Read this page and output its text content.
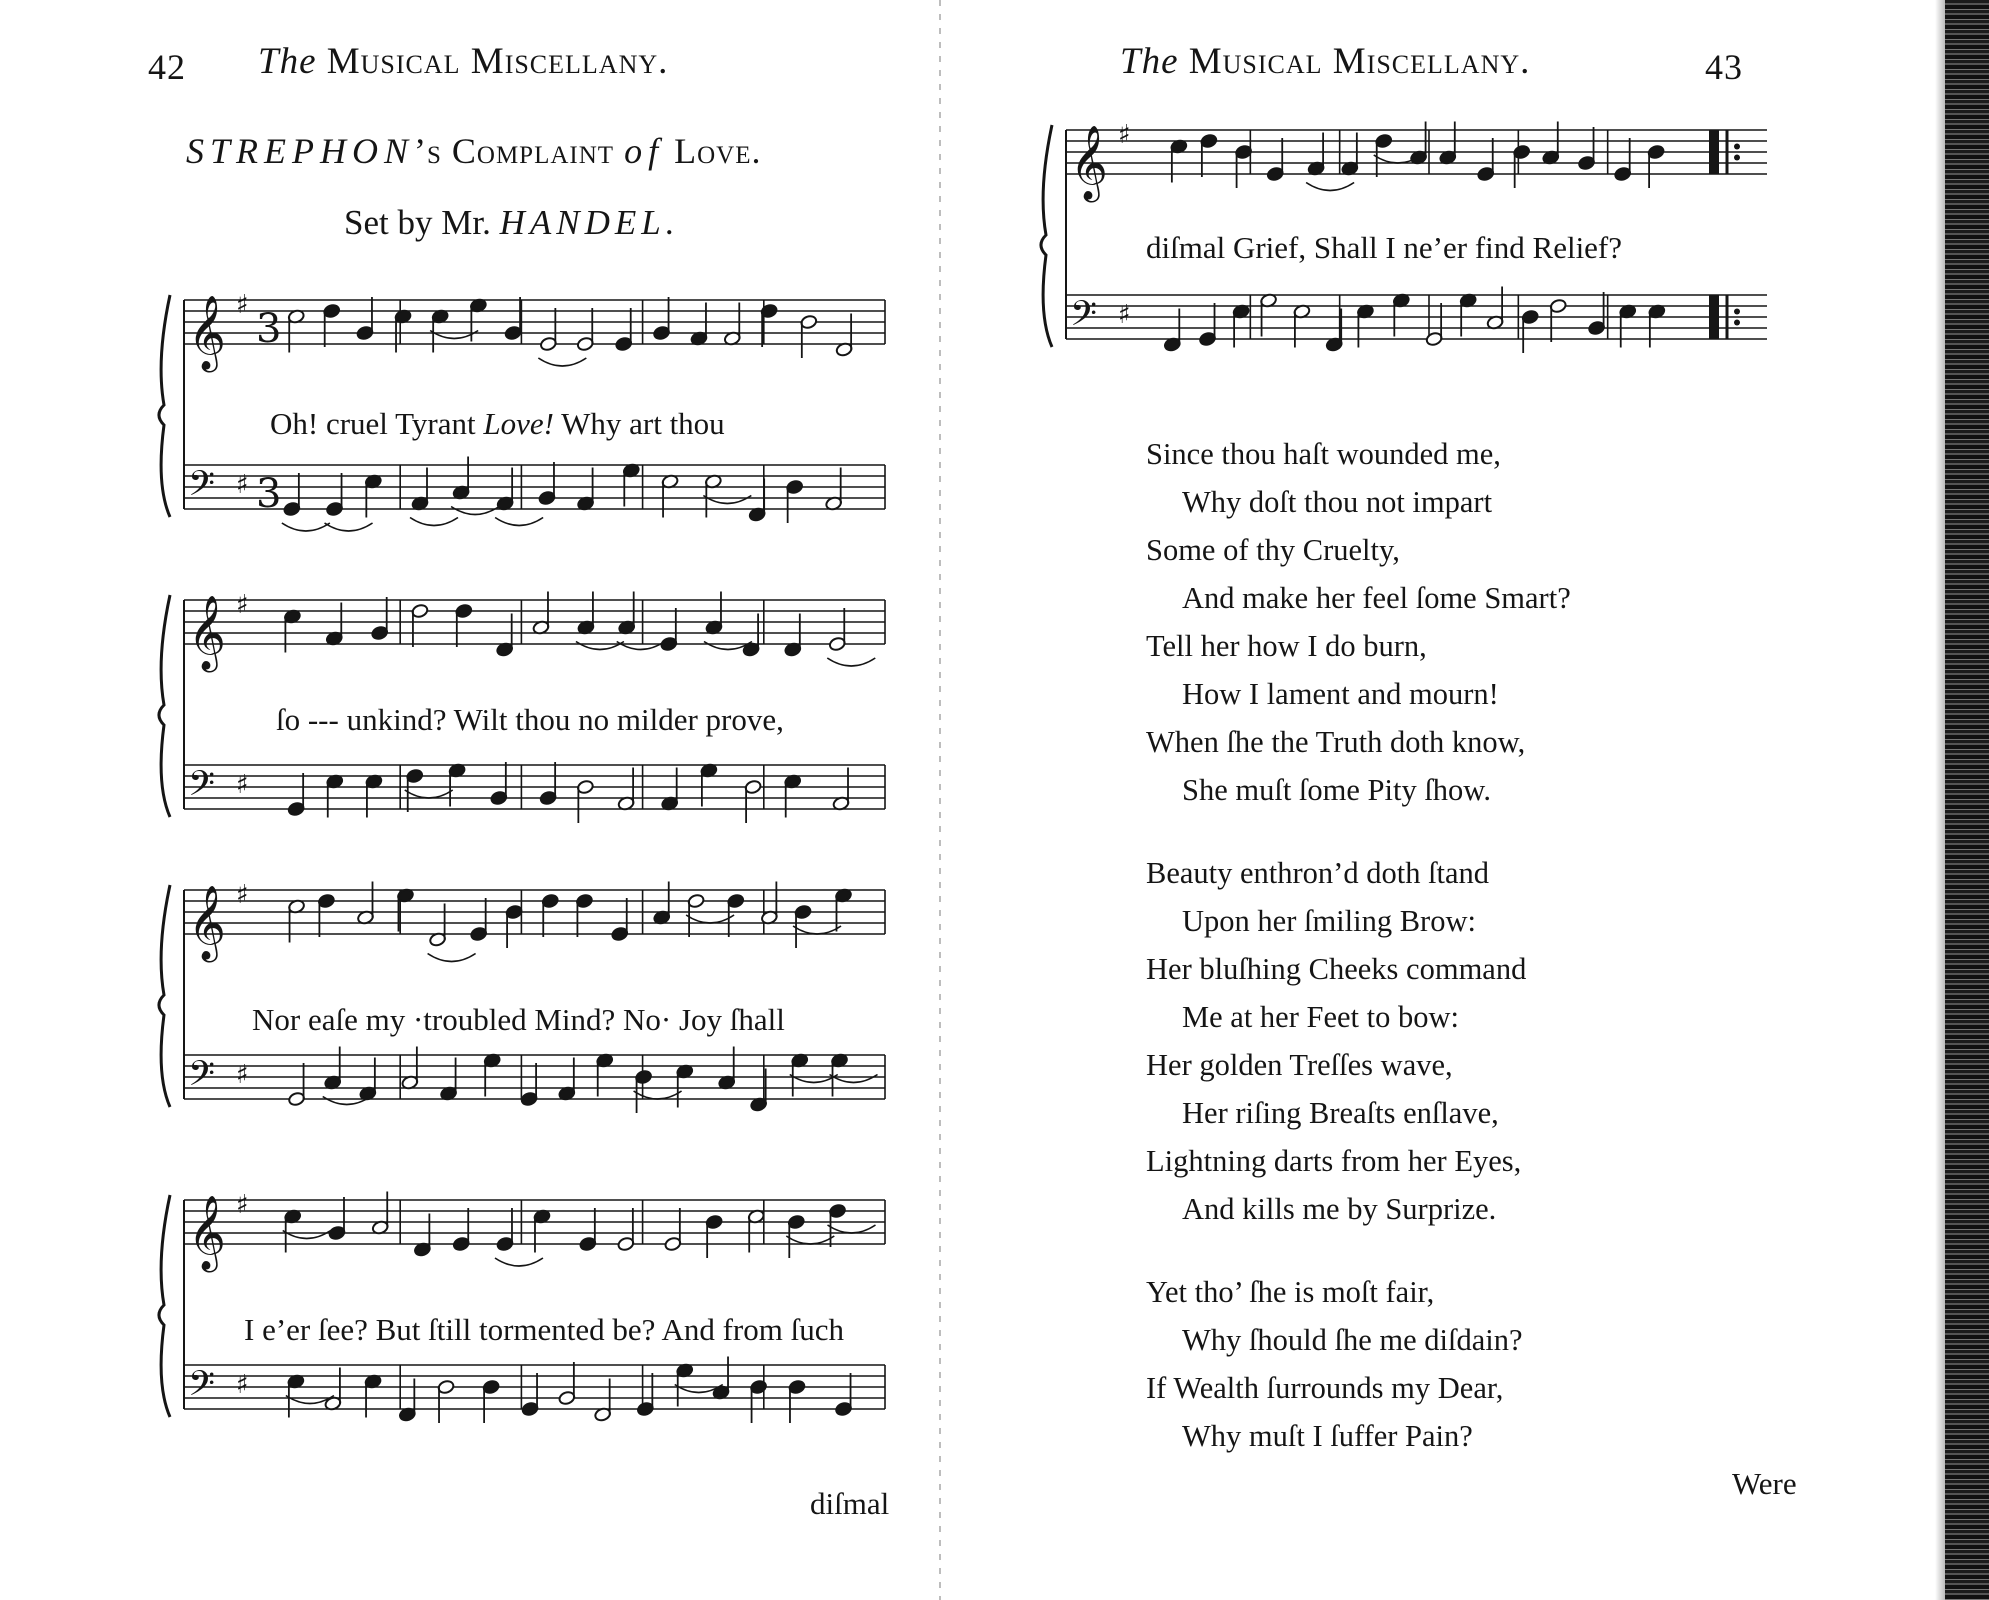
42 The Musical Miscellany.
STREPHON’s Complaint of Love.
Set by Mr. HANDEL.
𝄞 ♯
3
𝄢 ♯ 3
Oh! cruel Tyrant Love! Why art thou
𝄞 ♯
𝄢 ♯
ſo --- unkind? Wilt thou no milder prove,
𝄞 ♯
𝄢 ♯
Nor eaſe my ·troubled Mind? No· Joy ſhall
𝄞 ♯
𝄢 ♯
I e’er ſee? But ſtill tormented be? And from ſuch
diſmal
The Musical Miscellany.	43
𝄞 ♯
𝄢 ♯
diſmal Grief, Shall I ne’er find Relief?
Were
Since thou haſt wounded me,
Why doſt thou not impart
Some of thy Cruelty,
And make her feel ſome Smart?
Tell her how I do burn,
How I lament and mourn!
When ſhe the Truth doth know,
She muſt ſome Pity ſhow.
Beauty enthron’d doth ſtand
Upon her ſmiling Brow:
Her bluſhing Cheeks command
Me at her Feet to bow:
Her golden Treſſes wave,
Her riſing Breaſts enſlave,
Lightning darts from her Eyes,
And kills me by Surprize.
Yet tho’ ſhe is moſt fair,
Why ſhould ſhe me diſdain?
If Wealth ſurrounds my Dear,
Why muſt I ſuffer Pain?
